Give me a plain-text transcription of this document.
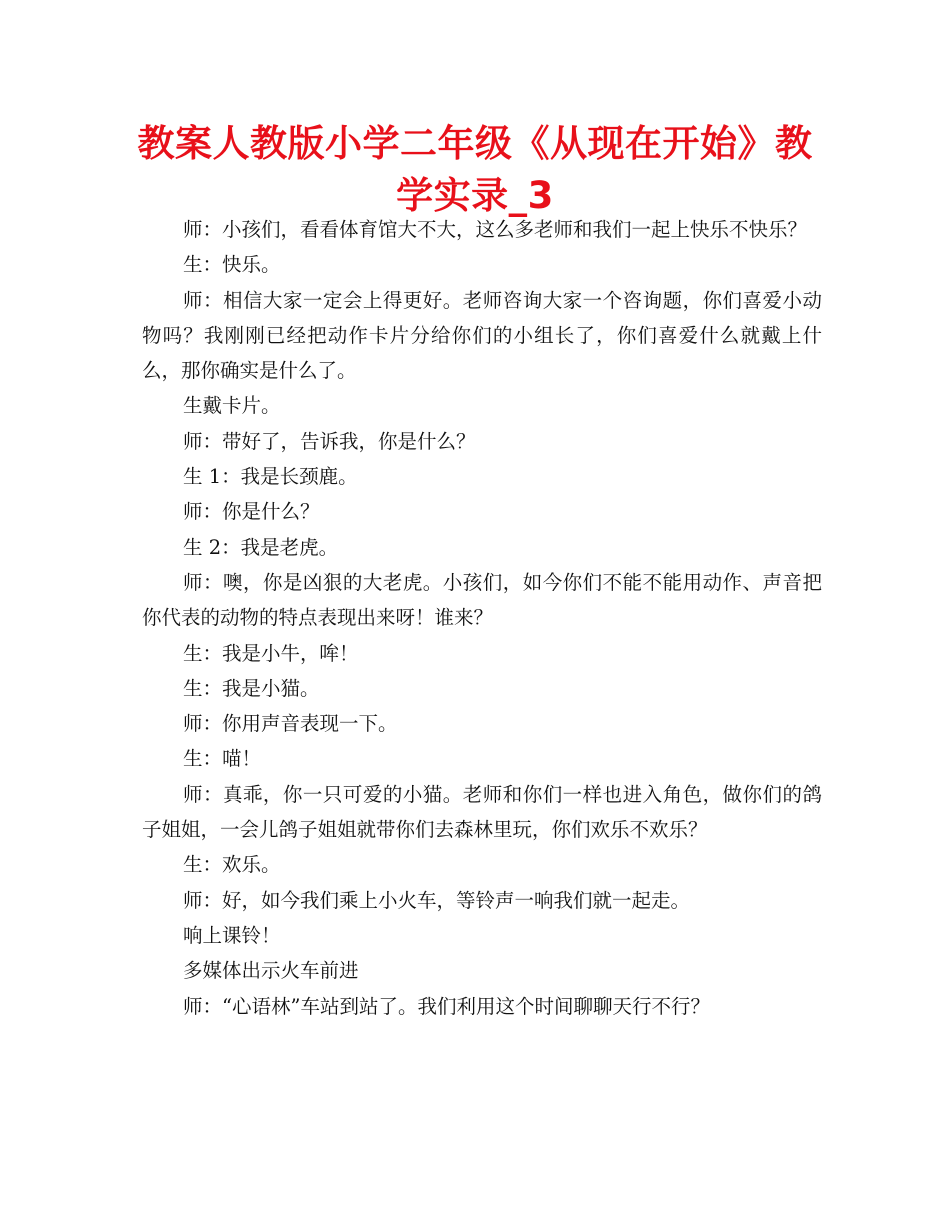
教案人教版小学二年级《从现在开始》教学实录_3

师：小孩们，看看体育馆大不大，这么多老师和我们一起上快乐不快乐？

生：快乐。

师：相信大家一定会上得更好。老师咨询大家一个咨询题，你们喜爱小动物吗？我刚刚已经把动作卡片分给你们的小组长了，你们喜爱什么就戴上什么，那你确实是什么了。

生戴卡片。

师：带好了，告诉我，你是什么？

生 1：我是长颈鹿。

师：你是什么？

生 2：我是老虎。

师：噢，你是凶狠的大老虎。小孩们，如今你们不能不能用动作、声音把你代表的动物的特点表现出来呀！谁来？

生：我是小牛，哞！

生：我是小猫。

师：你用声音表现一下。

生：喵！

师：真乖，你一只可爱的小猫。老师和你们一样也进入角色，做你们的鸽子姐姐，一会儿鸽子姐姐就带你们去森林里玩，你们欢乐不欢乐？

生：欢乐。

师：好，如今我们乘上小火车，等铃声一响我们就一起走。

响上课铃！

多媒体出示火车前进

师：“心语林”车站到站了。我们利用这个时间聊聊天行不行？
